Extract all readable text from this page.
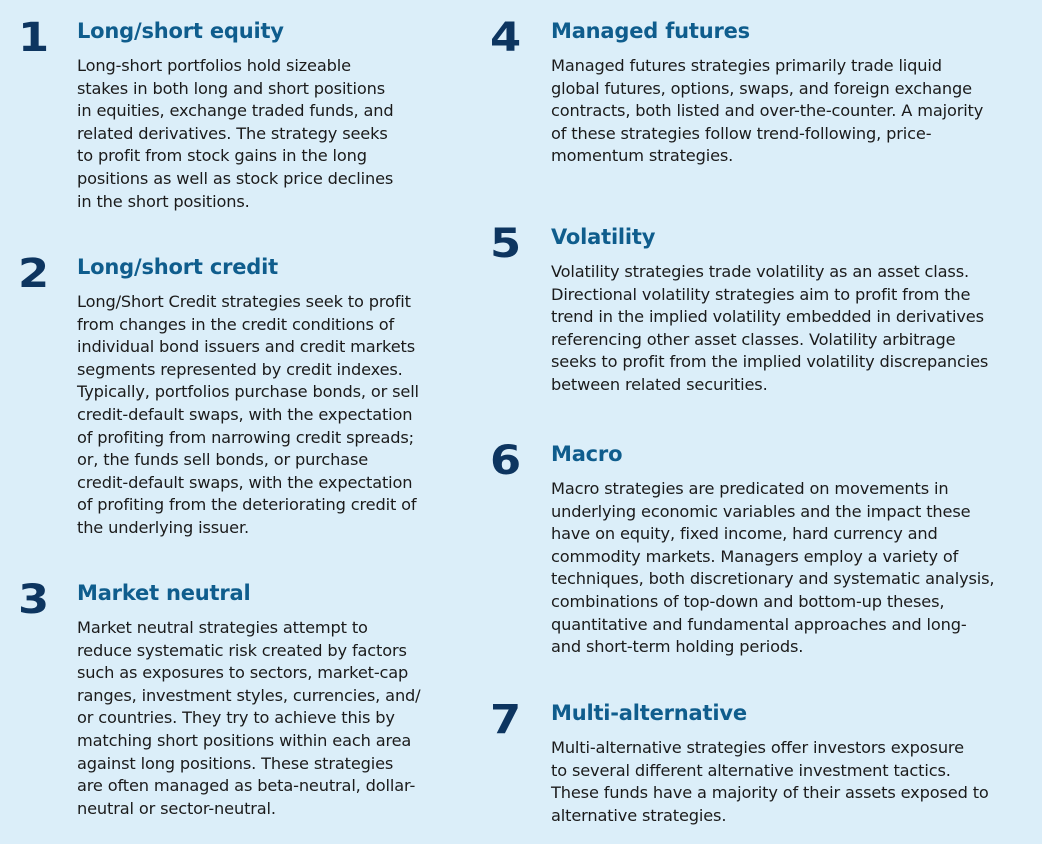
1 Long/short equity
Long-short portfolios hold sizeable
stakes in both long and short positions
in equities, exchange traded funds, and
related derivatives. The strategy seeks
to profit from stock gains in the long
positions as well as stock price declines
in the short positions.
2 Long/short credit
Long/Short Credit strategies seek to profit
from changes in the credit conditions of
individual bond issuers and credit markets
segments represented by credit indexes.
Typically, portfolios purchase bonds, or sell
credit-default swaps, with the expectation
of profiting from narrowing credit spreads;
or, the funds sell bonds, or purchase
credit-default swaps, with the expectation
of profiting from the deteriorating credit of
the underlying issuer.
3 Market neutral
Market neutral strategies attempt to
reduce systematic risk created by factors
such as exposures to sectors, market-cap
ranges, investment styles, currencies, and/
or countries. They try to achieve this by
matching short positions within each area
against long positions. These strategies
are often managed as beta-neutral, dollar-
neutral or sector-neutral.
4 Managed futures
Managed futures strategies primarily trade liquid
global futures, options, swaps, and foreign exchange
contracts, both listed and over-the-counter. A majority
of these strategies follow trend-following, price-
momentum strategies.
5 Volatility
Volatility strategies trade volatility as an asset class.
Directional volatility strategies aim to profit from the
trend in the implied volatility embedded in derivatives
referencing other asset classes. Volatility arbitrage
seeks to profit from the implied volatility discrepancies
between related securities.
6 Macro
Macro strategies are predicated on movements in
underlying economic variables and the impact these
have on equity, fixed income, hard currency and
commodity markets. Managers employ a variety of
techniques, both discretionary and systematic analysis,
combinations of top-down and bottom-up theses,
quantitative and fundamental approaches and long-
and short-term holding periods.
7 Multi-alternative
Multi-alternative strategies offer investors exposure
to several different alternative investment tactics.
These funds have a majority of their assets exposed to
alternative strategies.
